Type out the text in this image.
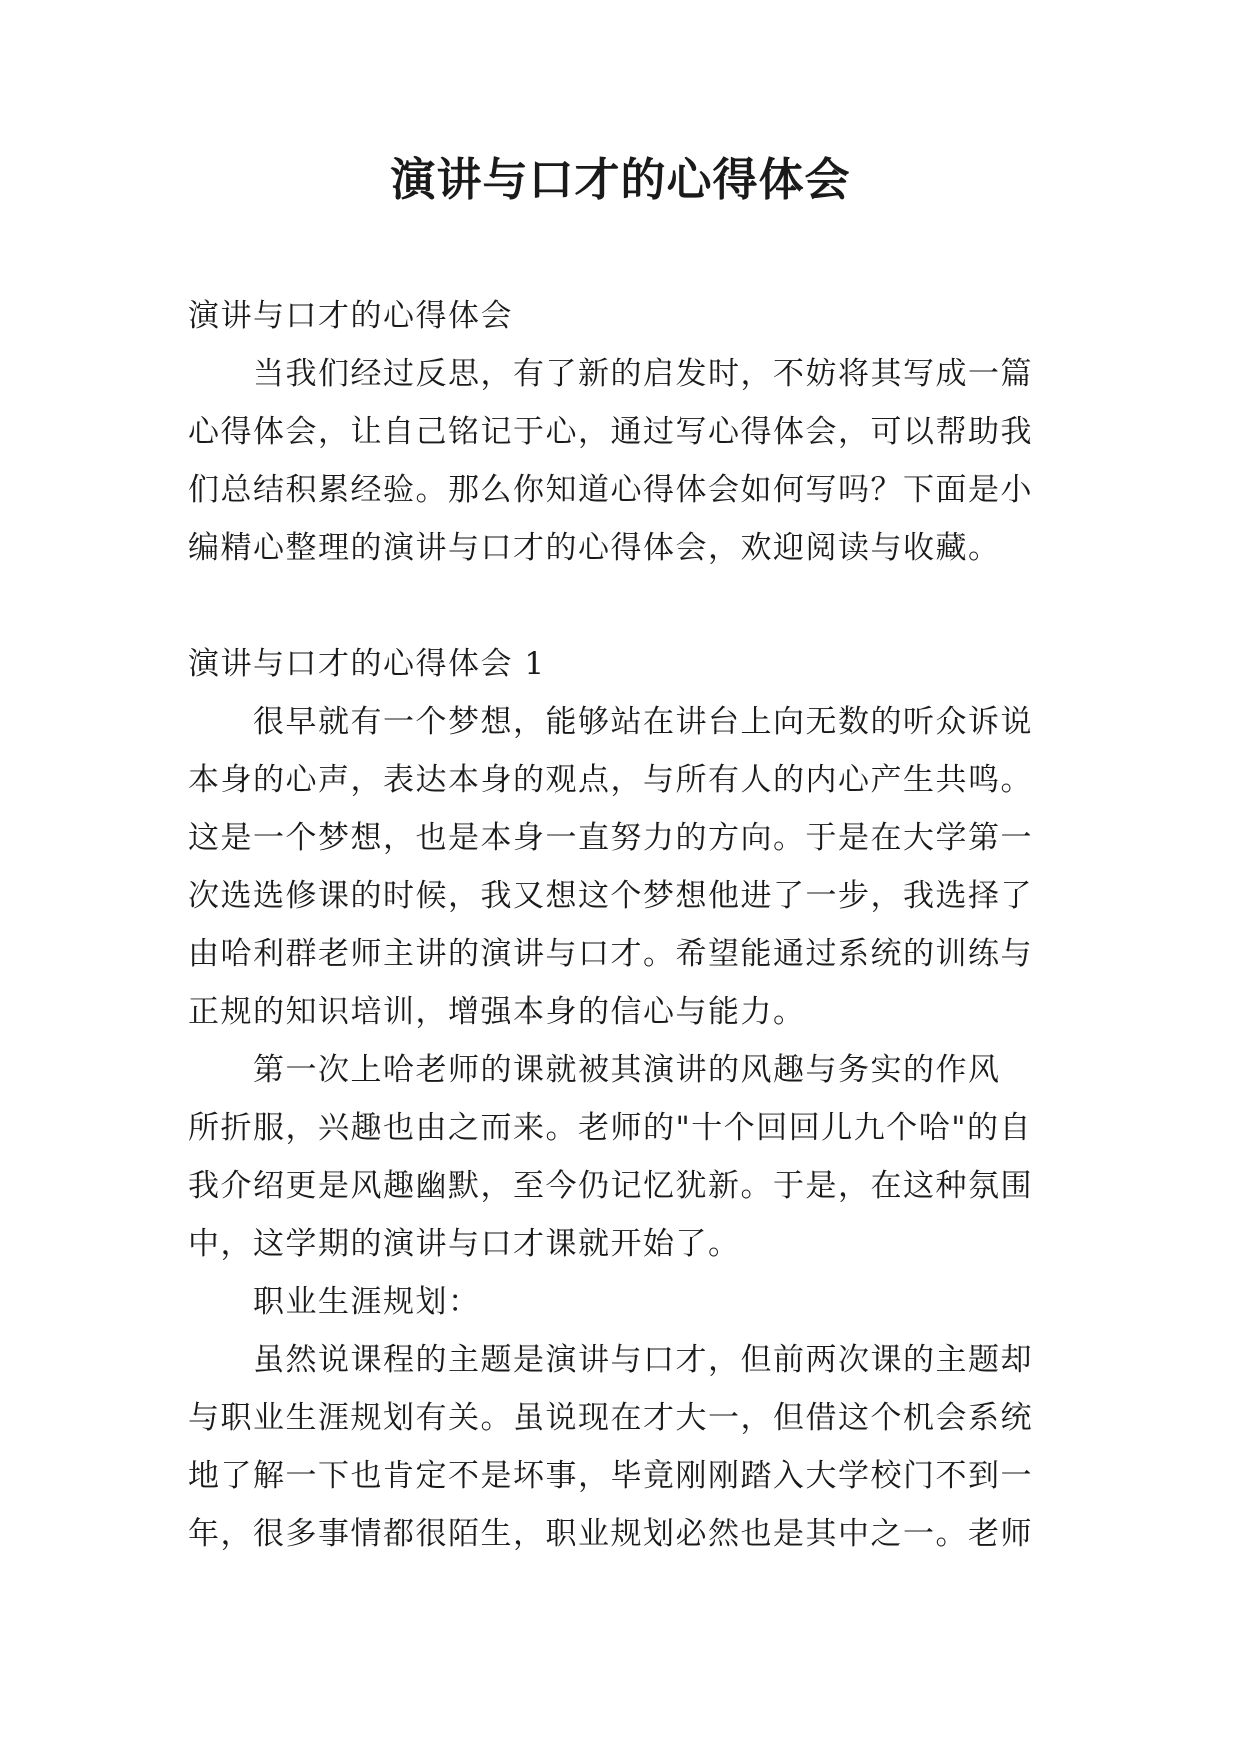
演讲与口才的心得体会
演讲与口才的心得体会
当我们经过反思，有了新的启发时，不妨将其写成一篇
心得体会，让自己铭记于心，通过写心得体会，可以帮助我
们总结积累经验。那么你知道心得体会如何写吗？下面是小
编精心整理的演讲与口才的心得体会，欢迎阅读与收藏。
演讲与口才的心得体会 1
很早就有一个梦想，能够站在讲台上向无数的听众诉说
本身的心声，表达本身的观点，与所有人的内心产生共鸣。
这是一个梦想，也是本身一直努力的方向。于是在大学第一
次选选修课的时候，我又想这个梦想他进了一步，我选择了
由哈利群老师主讲的演讲与口才。希望能通过系统的训练与
正规的知识培训，增强本身的信心与能力。
第一次上哈老师的课就被其演讲的风趣与务实的作风
所折服，兴趣也由之而来。老师的"十个回回儿九个哈"的自
我介绍更是风趣幽默，至今仍记忆犹新。于是，在这种氛围
中，这学期的演讲与口才课就开始了。
职业生涯规划：
虽然说课程的主题是演讲与口才，但前两次课的主题却
与职业生涯规划有关。虽说现在才大一，但借这个机会系统
地了解一下也肯定不是坏事，毕竟刚刚踏入大学校门不到一
年，很多事情都很陌生，职业规划必然也是其中之一。老师
